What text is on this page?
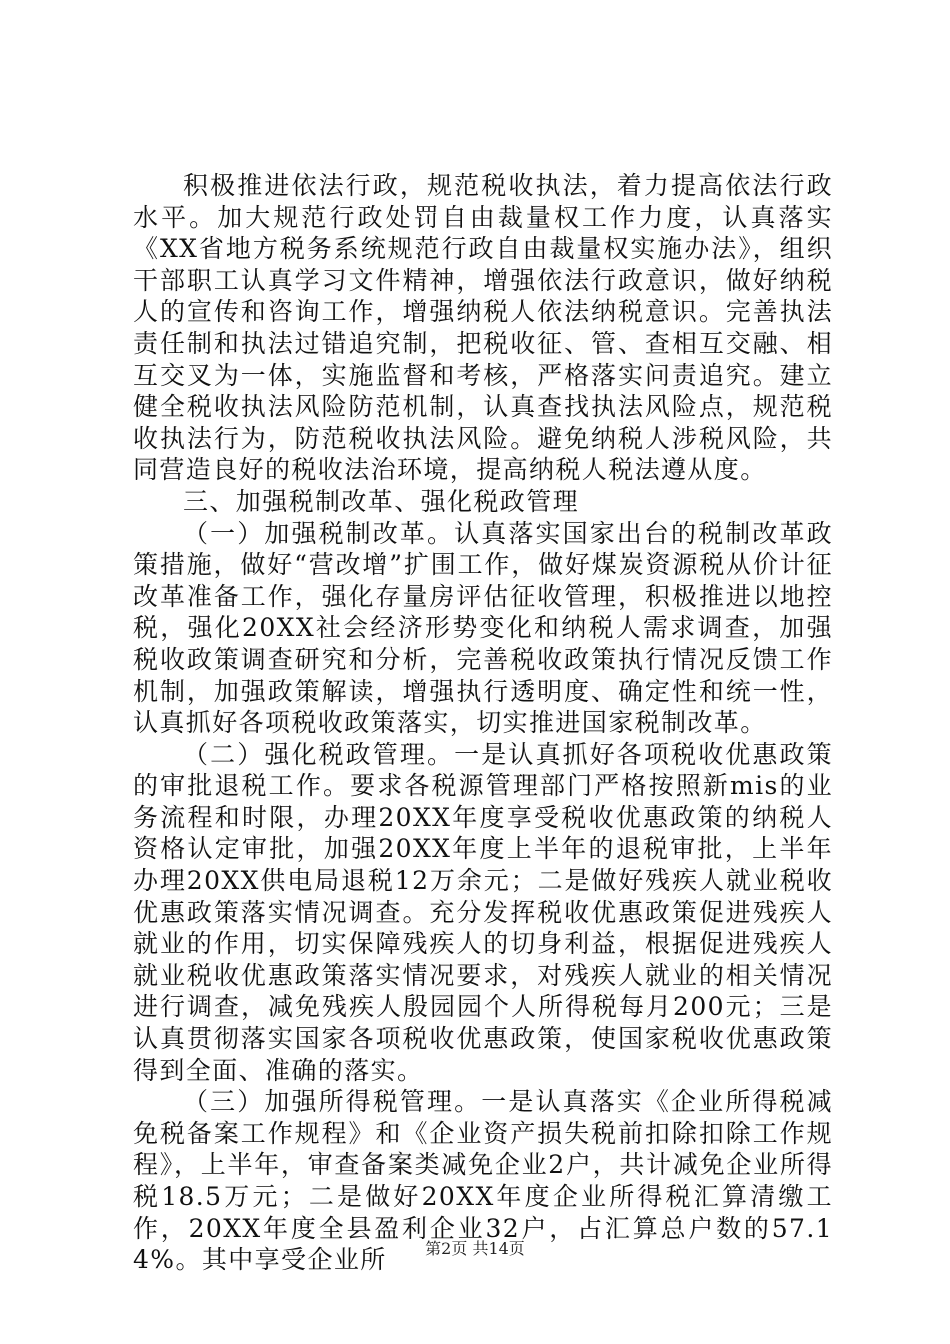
积极推进依法行政，规范税收执法，着力提高依法行政水平。加大规范行政处罚自由裁量权工作力度，认真落实《XX省地方税务系统规范行政自由裁量权实施办法》，组织干部职工认真学习文件精神，增强依法行政意识，做好纳税人的宣传和咨询工作，增强纳税人依法纳税意识。完善执法责任制和执法过错追究制，把税收征、管、查相互交融、相互交叉为一体，实施监督和考核，严格落实问责追究。建立健全税收执法风险防范机制，认真查找执法风险点，规范税收执法行为，防范税收执法风险。避免纳税人涉税风险，共同营造良好的税收法治环境，提高纳税人税法遵从度。

三、加强税制改革、强化税政管理

（一）加强税制改革。认真落实国家出台的税制改革政策措施，做好“营改增”扩围工作，做好煤炭资源税从价计征改革准备工作，强化存量房评估征收管理，积极推进以地控税，强化20XX社会经济形势变化和纳税人需求调查，加强税收政策调查研究和分析，完善税收政策执行情况反馈工作机制，加强政策解读，增强执行透明度、确定性和统一性，认真抓好各项税收政策落实，切实推进国家税制改革。

（二）强化税政管理。一是认真抓好各项税收优惠政策的审批退税工作。要求各税源管理部门严格按照新mis的业务流程和时限，办理20XX年度享受税收优惠政策的纳税人资格认定审批，加强20XX年度上半年的退税审批，上半年办理20XX供电局退税12万余元；二是做好残疾人就业税收优惠政策落实情况调查。充分发挥税收优惠政策促进残疾人就业的作用，切实保障残疾人的切身利益，根据促进残疾人就业税收优惠政策落实情况要求，对残疾人就业的相关情况进行调查，减免残疾人殷园园个人所得税每月200元；三是认真贯彻落实国家各项税收优惠政策，使国家税收优惠政策得到全面、准确的落实。

（三）加强所得税管理。一是认真落实《企业所得税减免税备案工作规程》和《企业资产损失税前扣除扣除工作规程》，上半年，审查备案类减免企业2户，共计减免企业所得税18.5万元；二是做好20XX年度企业所得税汇算清缴工作，20XX年度全县盈利企业32户，占汇算总户数的57.14%。其中享受企业所	第2页 共14页
